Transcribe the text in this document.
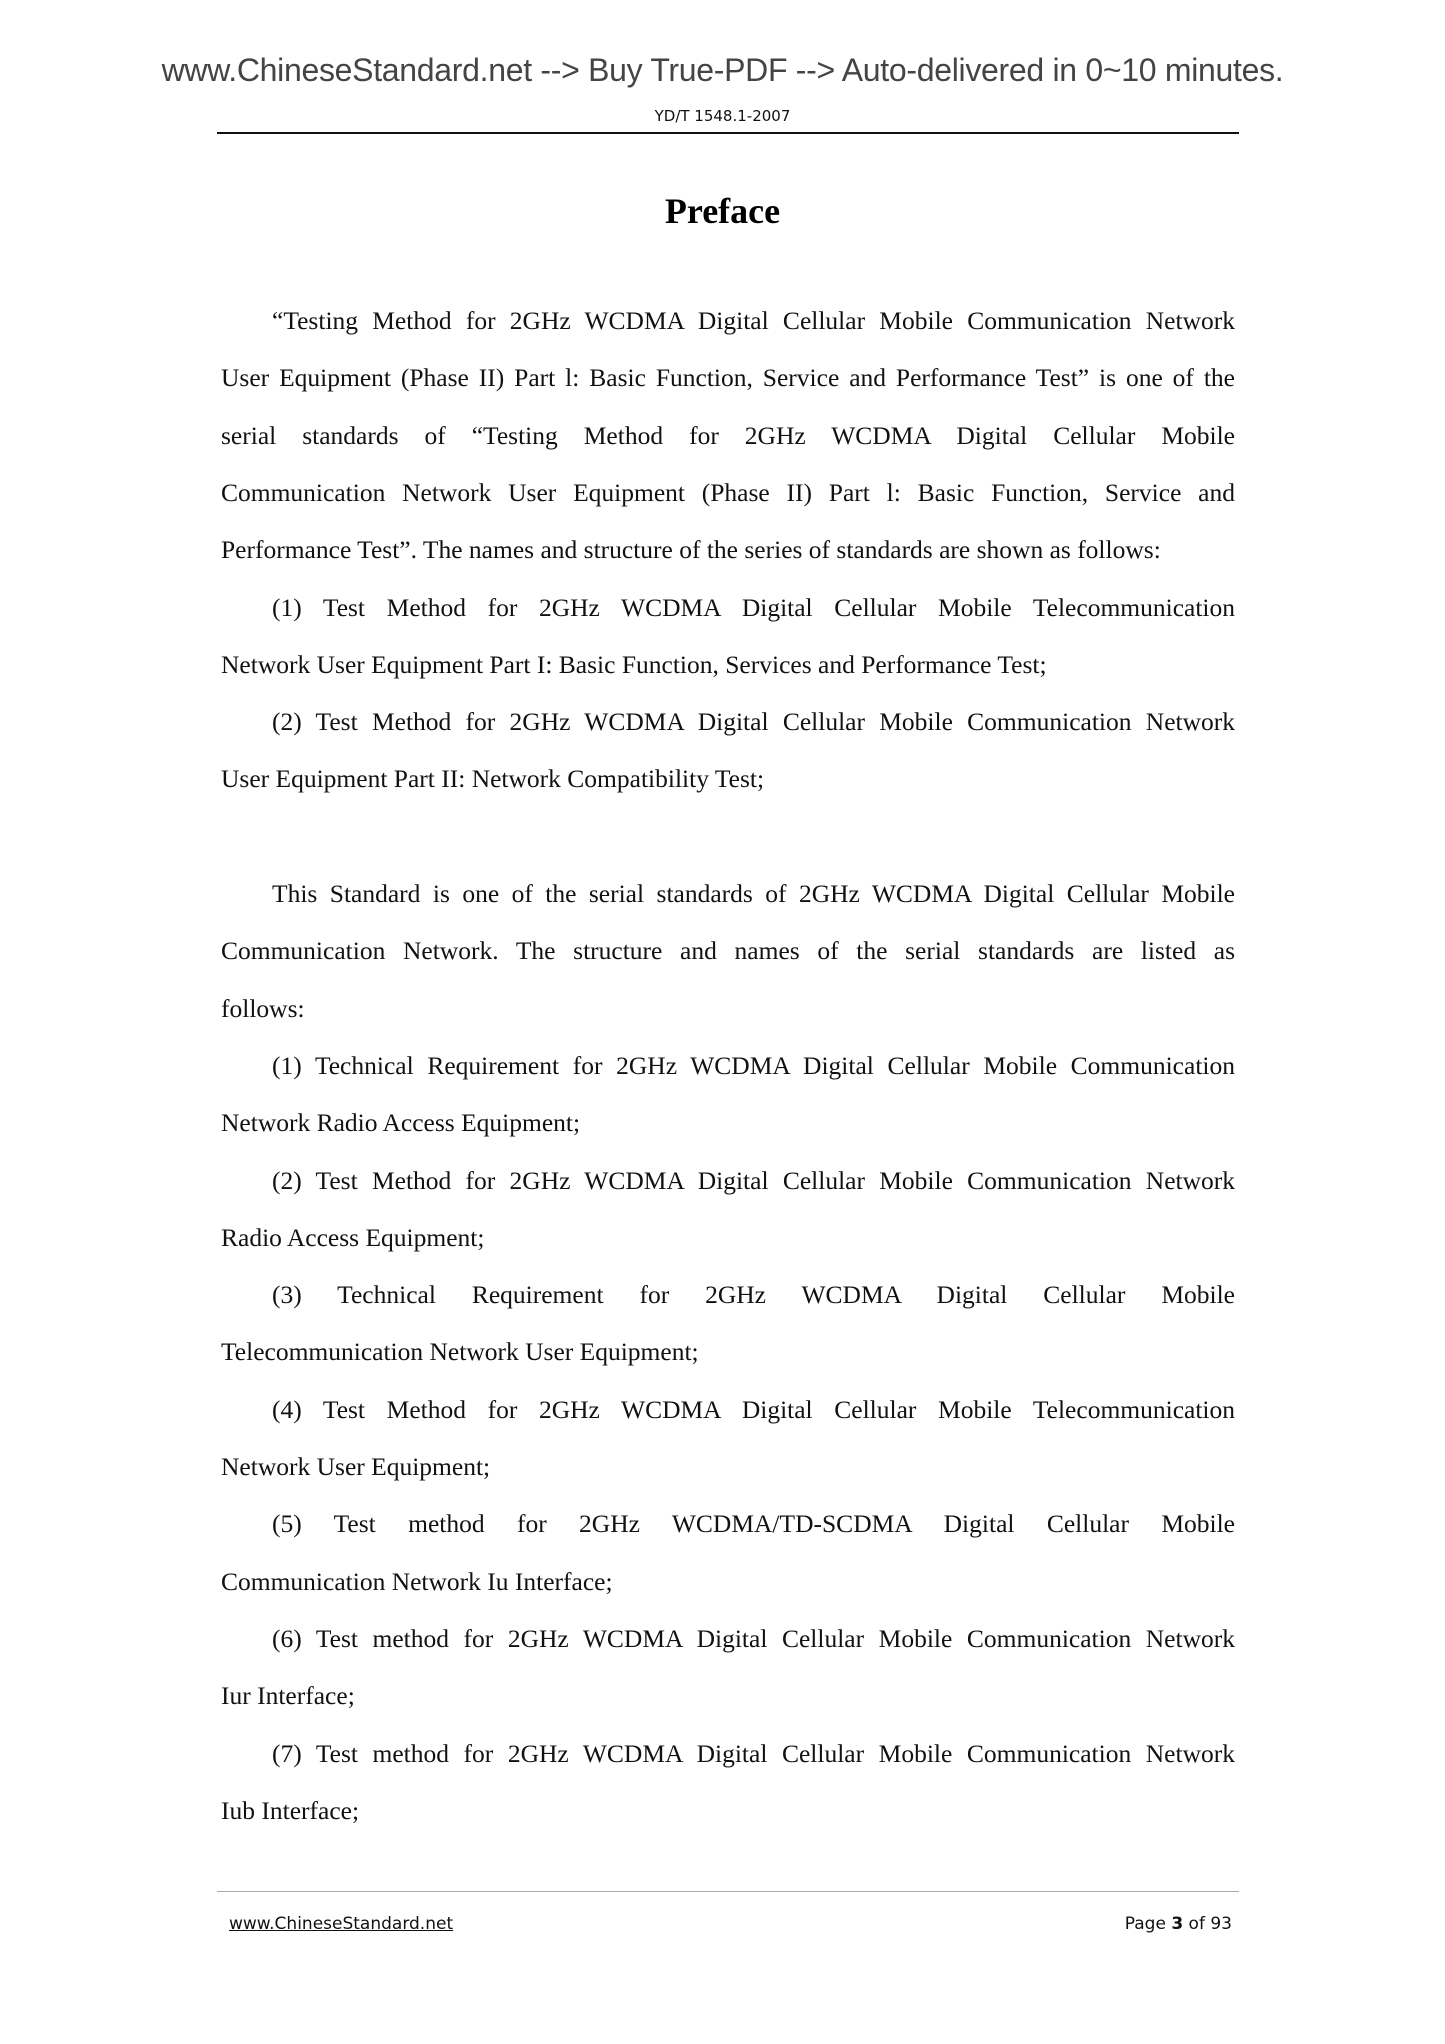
www.ChineseStandard.net --> Buy True-PDF --> Auto-delivered in 0~10 minutes.
YD/T 1548.1-2007
Preface
“Testing Method for 2GHz WCDMA Digital Cellular Mobile Communication Network
User Equipment (Phase II) Part l: Basic Function, Service and Performance Test” is one of the
serial standards of “Testing Method for 2GHz WCDMA Digital Cellular Mobile
Communication Network User Equipment (Phase II) Part l: Basic Function, Service and
Performance Test”. The names and structure of the series of standards are shown as follows:
(1) Test Method for 2GHz WCDMA Digital Cellular Mobile Telecommunication
Network User Equipment Part I: Basic Function, Services and Performance Test;
(2) Test Method for 2GHz WCDMA Digital Cellular Mobile Communication Network
User Equipment Part II: Network Compatibility Test;
This Standard is one of the serial standards of 2GHz WCDMA Digital Cellular Mobile
Communication Network. The structure and names of the serial standards are listed as
follows:
(1) Technical Requirement for 2GHz WCDMA Digital Cellular Mobile Communication
Network Radio Access Equipment;
(2) Test Method for 2GHz WCDMA Digital Cellular Mobile Communication Network
Radio Access Equipment;
(3) Technical Requirement for 2GHz WCDMA Digital Cellular Mobile
Telecommunication Network User Equipment;
(4) Test Method for 2GHz WCDMA Digital Cellular Mobile Telecommunication
Network User Equipment;
(5) Test method for 2GHz WCDMA/TD-SCDMA Digital Cellular Mobile
Communication Network Iu Interface;
(6) Test method for 2GHz WCDMA Digital Cellular Mobile Communication Network
Iur Interface;
(7) Test method for 2GHz WCDMA Digital Cellular Mobile Communication Network
Iub Interface;
www.ChineseStandard.net	Page 3 of 93
